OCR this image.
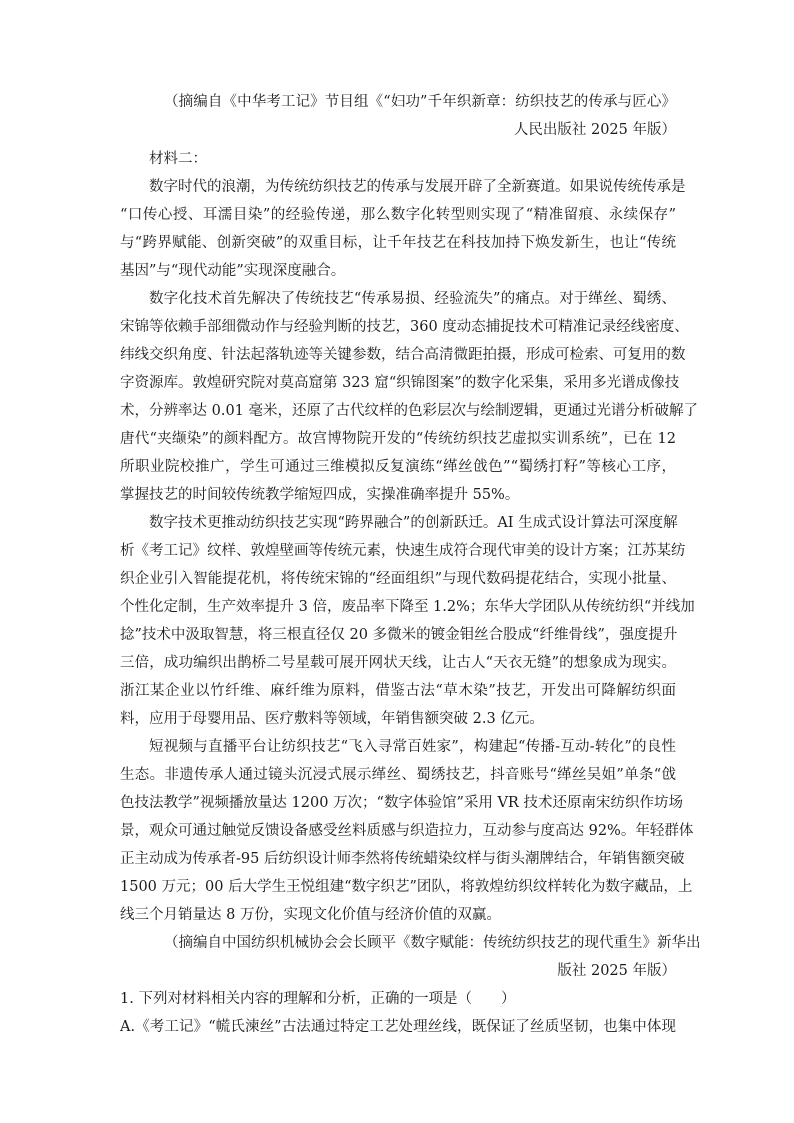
（摘编自《中华考工记》节目组《“妇功”千年织新章：纺织技艺的传承与匠心》
人民出版社 2025 年版）
材料二：
数字时代的浪潮，为传统纺织技艺的传承与发展开辟了全新赛道。如果说传统传承是
“口传心授、耳濡目染”的经验传递，那么数字化转型则实现了“精准留痕、永续保存”
与“跨界赋能、创新突破”的双重目标，让千年技艺在科技加持下焕发新生，也让“传统
基因”与“现代动能”实现深度融合。
数字化技术首先解决了传统技艺“传承易损、经验流失”的痛点。对于缂丝、蜀绣、
宋锦等依赖手部细微动作与经验判断的技艺，360 度动态捕捉技术可精准记录经线密度、
纬线交织角度、针法起落轨迹等关键参数，结合高清微距拍摄，形成可检索、可复用的数
字资源库。敦煌研究院对莫高窟第 323 窟“织锦图案”的数字化采集，采用多光谱成像技
术，分辨率达 0.01 毫米，还原了古代纹样的色彩层次与绘制逻辑，更通过光谱分析破解了
唐代“夹缬染”的颜料配方。故宫博物院开发的“传统纺织技艺虚拟实训系统”，已在 12
所职业院校推广，学生可通过三维模拟反复演练“缂丝戗色”“蜀绣打籽”等核心工序，
掌握技艺的时间较传统教学缩短四成，实操准确率提升 55%。
数字技术更推动纺织技艺实现“跨界融合”的创新跃迁。AI 生成式设计算法可深度解
析《考工记》纹样、敦煌壁画等传统元素，快速生成符合现代审美的设计方案；江苏某纺
织企业引入智能提花机，将传统宋锦的“经面组织”与现代数码提花结合，实现小批量、
个性化定制，生产效率提升 3 倍，废品率下降至 1.2%；东华大学团队从传统纺织“并线加
捻”技术中汲取智慧，将三根直径仅 20 多微米的镀金钼丝合股成“纤维骨线”，强度提升
三倍，成功编织出鹊桥二号星载可展开网状天线，让古人“天衣无缝”的想象成为现实。
浙江某企业以竹纤维、麻纤维为原料，借鉴古法“草木染”技艺，开发出可降解纺织面
料，应用于母婴用品、医疗敷料等领域，年销售额突破 2.3 亿元。
短视频与直播平台让纺织技艺“飞入寻常百姓家”，构建起“传播-互动-转化”的良性
生态。非遗传承人通过镜头沉浸式展示缂丝、蜀绣技艺，抖音账号“缂丝吴姐”单条“戗
色技法教学”视频播放量达 1200 万次；“数字体验馆”采用 VR 技术还原南宋纺织作坊场
景，观众可通过触觉反馈设备感受丝料质感与织造拉力，互动参与度高达 92%。年轻群体
正主动成为传承者-95 后纺织设计师李然将传统蜡染纹样与街头潮牌结合，年销售额突破
1500 万元；00 后大学生王悦组建“数字织艺”团队，将敦煌纺织纹样转化为数字藏品，上
线三个月销量达 8 万份，实现文化价值与经济价值的双赢。
（摘编自中国纺织机械协会会长顾平《数字赋能：传统纺织技艺的现代重生》新华出
版社 2025 年版）
1. 下列对材料相关内容的理解和分析，正确的一项是（　　）
A.《考工记》“㡛氏湅丝”古法通过特定工艺处理丝线，既保证了丝质坚韧，也集中体现
